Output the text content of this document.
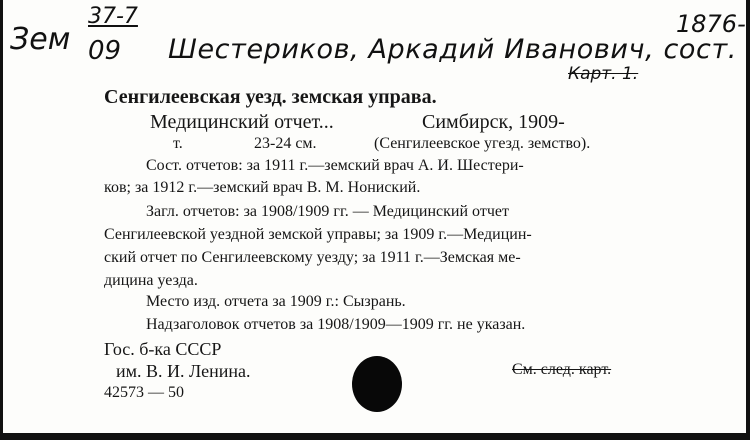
Зем
37-7
09
1876-
Шестериков, Аркадий Иванович, сост.
Карт. 1.
Сенгилеевская уезд. земская управа.
Медицинский отчет...	Симбирск, 1909-
т.	23-24 см.	(Сенгилеевское угезд. земство).
Сост. отчетов: за 1911 г.—земский врач А. И. Шестери-
ков; за 1912 г.—земский врач В. М. Нониский.
Загл. отчетов: за 1908/1909 гг. — Медицинский отчет
Сенгилеевской уездной земской управы; за 1909 г.—Медицин-
ский отчет по Сенгилеевскому уезду; за 1911 г.—Земская ме-
дицина уезда.
Место изд. отчета за 1909 г.: Сызрань.
Надзаголовок отчетов за 1908/1909—1909 гг. не указан.
Гос. б-ка СССР
им. В. И. Ленина.
42573 — 50
См. след. карт.
